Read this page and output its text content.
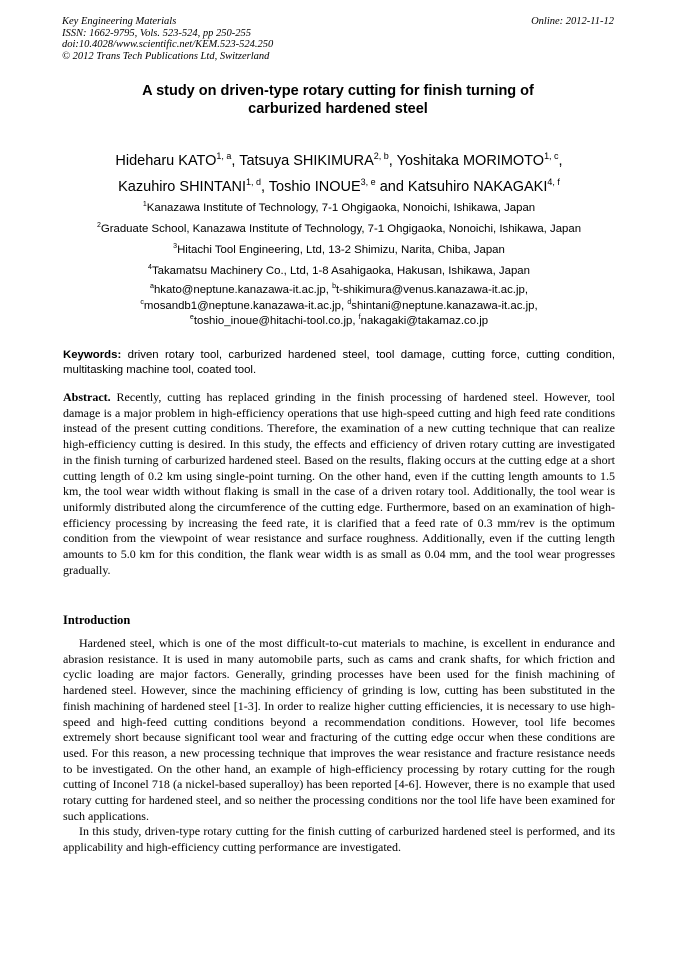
Key Engineering Materials
ISSN: 1662-9795, Vols. 523-524, pp 250-255
doi:10.4028/www.scientific.net/KEM.523-524.250
© 2012 Trans Tech Publications Ltd, Switzerland
Online: 2012-11-12
A study on driven-type rotary cutting for finish turning of
carburized hardened steel
Hideharu KATO$^{1, a}$, Tatsuya SHIKIMURA$^{2, b}$, Yoshitaka MORIMOTO$^{1, c}$,
Kazuhiro SHINTANI$^{1, d}$, Toshio INOUE$^{3, e}$ and Katsuhiro NAKAGAKI$^{4, f}$
$^1$Kanazawa Institute of Technology, 7-1 Ohgigaoka, Nonoichi, Ishikawa, Japan
$^2$Graduate School, Kanazawa Institute of Technology, 7-1 Ohgigaoka, Nonoichi, Ishikawa, Japan
$^3$Hitachi Tool Engineering, Ltd, 13-2 Shimizu, Narita, Chiba, Japan
$^4$Takamatsu Machinery Co., Ltd, 1-8 Asahigaoka, Hakusan, Ishikawa, Japan
$^a$hkato@neptune.kanazawa-it.ac.jp, $^b$t-shikimura@venus.kanazawa-it.ac.jp,
$^c$mosandb1@neptune.kanazawa-it.ac.jp, $^d$shintani@neptune.kanazawa-it.ac.jp,
$^e$toshio_inoue@hitachi-tool.co.jp, $^f$nakagaki@takamaz.co.jp
Keywords: driven rotary tool, carburized hardened steel, tool damage, cutting force, cutting condition, multitasking machine tool, coated tool.
Abstract. Recently, cutting has replaced grinding in the finish processing of hardened steel. However, tool damage is a major problem in high-efficiency operations that use high-speed cutting and high feed rate conditions instead of the present cutting conditions. Therefore, the examination of a new cutting technique that can realize high-efficiency cutting is desired. In this study, the effects and efficiency of driven rotary cutting are investigated in the finish turning of carburized hardened steel. Based on the results, flaking occurs at the cutting edge at a short cutting length of 0.2 km using single-point turning. On the other hand, even if the cutting length amounts to 1.5 km, the tool wear width without flaking is small in the case of a driven rotary tool. Additionally, the tool wear is uniformly distributed along the circumference of the cutting edge. Furthermore, based on an examination of high-efficiency processing by increasing the feed rate, it is clarified that a feed rate of 0.3 mm/rev is the optimum condition from the viewpoint of wear resistance and surface roughness. Additionally, even if the cutting length amounts to 5.0 km for this condition, the flank wear width is as small as 0.04 mm, and the tool wear progresses gradually.
Introduction

Hardened steel, which is one of the most difficult-to-cut materials to machine, is excellent in endurance and abrasion resistance. It is used in many automobile parts, such as cams and crank shafts, for which friction and cyclic loading are major factors. Generally, grinding processes have been used for the finish machining of hardened steel. However, since the machining efficiency of grinding is low, cutting has been substituted in the finish machining of hardened steel [1-3]. In order to realize higher cutting efficiencies, it is necessary to use high-speed and high-feed cutting conditions beyond a recommendation conditions. However, tool life becomes extremely short because significant tool wear and fracturing of the cutting edge occur when these conditions are used. For this reason, a new processing technique that improves the wear resistance and fracture resistance needs to be investigated. On the other hand, an example of high-efficiency processing by rotary cutting for the rough cutting of Inconel 718 (a nickel-based superalloy) has been reported [4-6]. However, there is no example that used rotary cutting for hardened steel, and so neither the processing conditions nor the tool life have been examined for such applications.

In this study, driven-type rotary cutting for the finish cutting of carburized hardened steel is performed, and its applicability and high-efficiency cutting performance are investigated.
